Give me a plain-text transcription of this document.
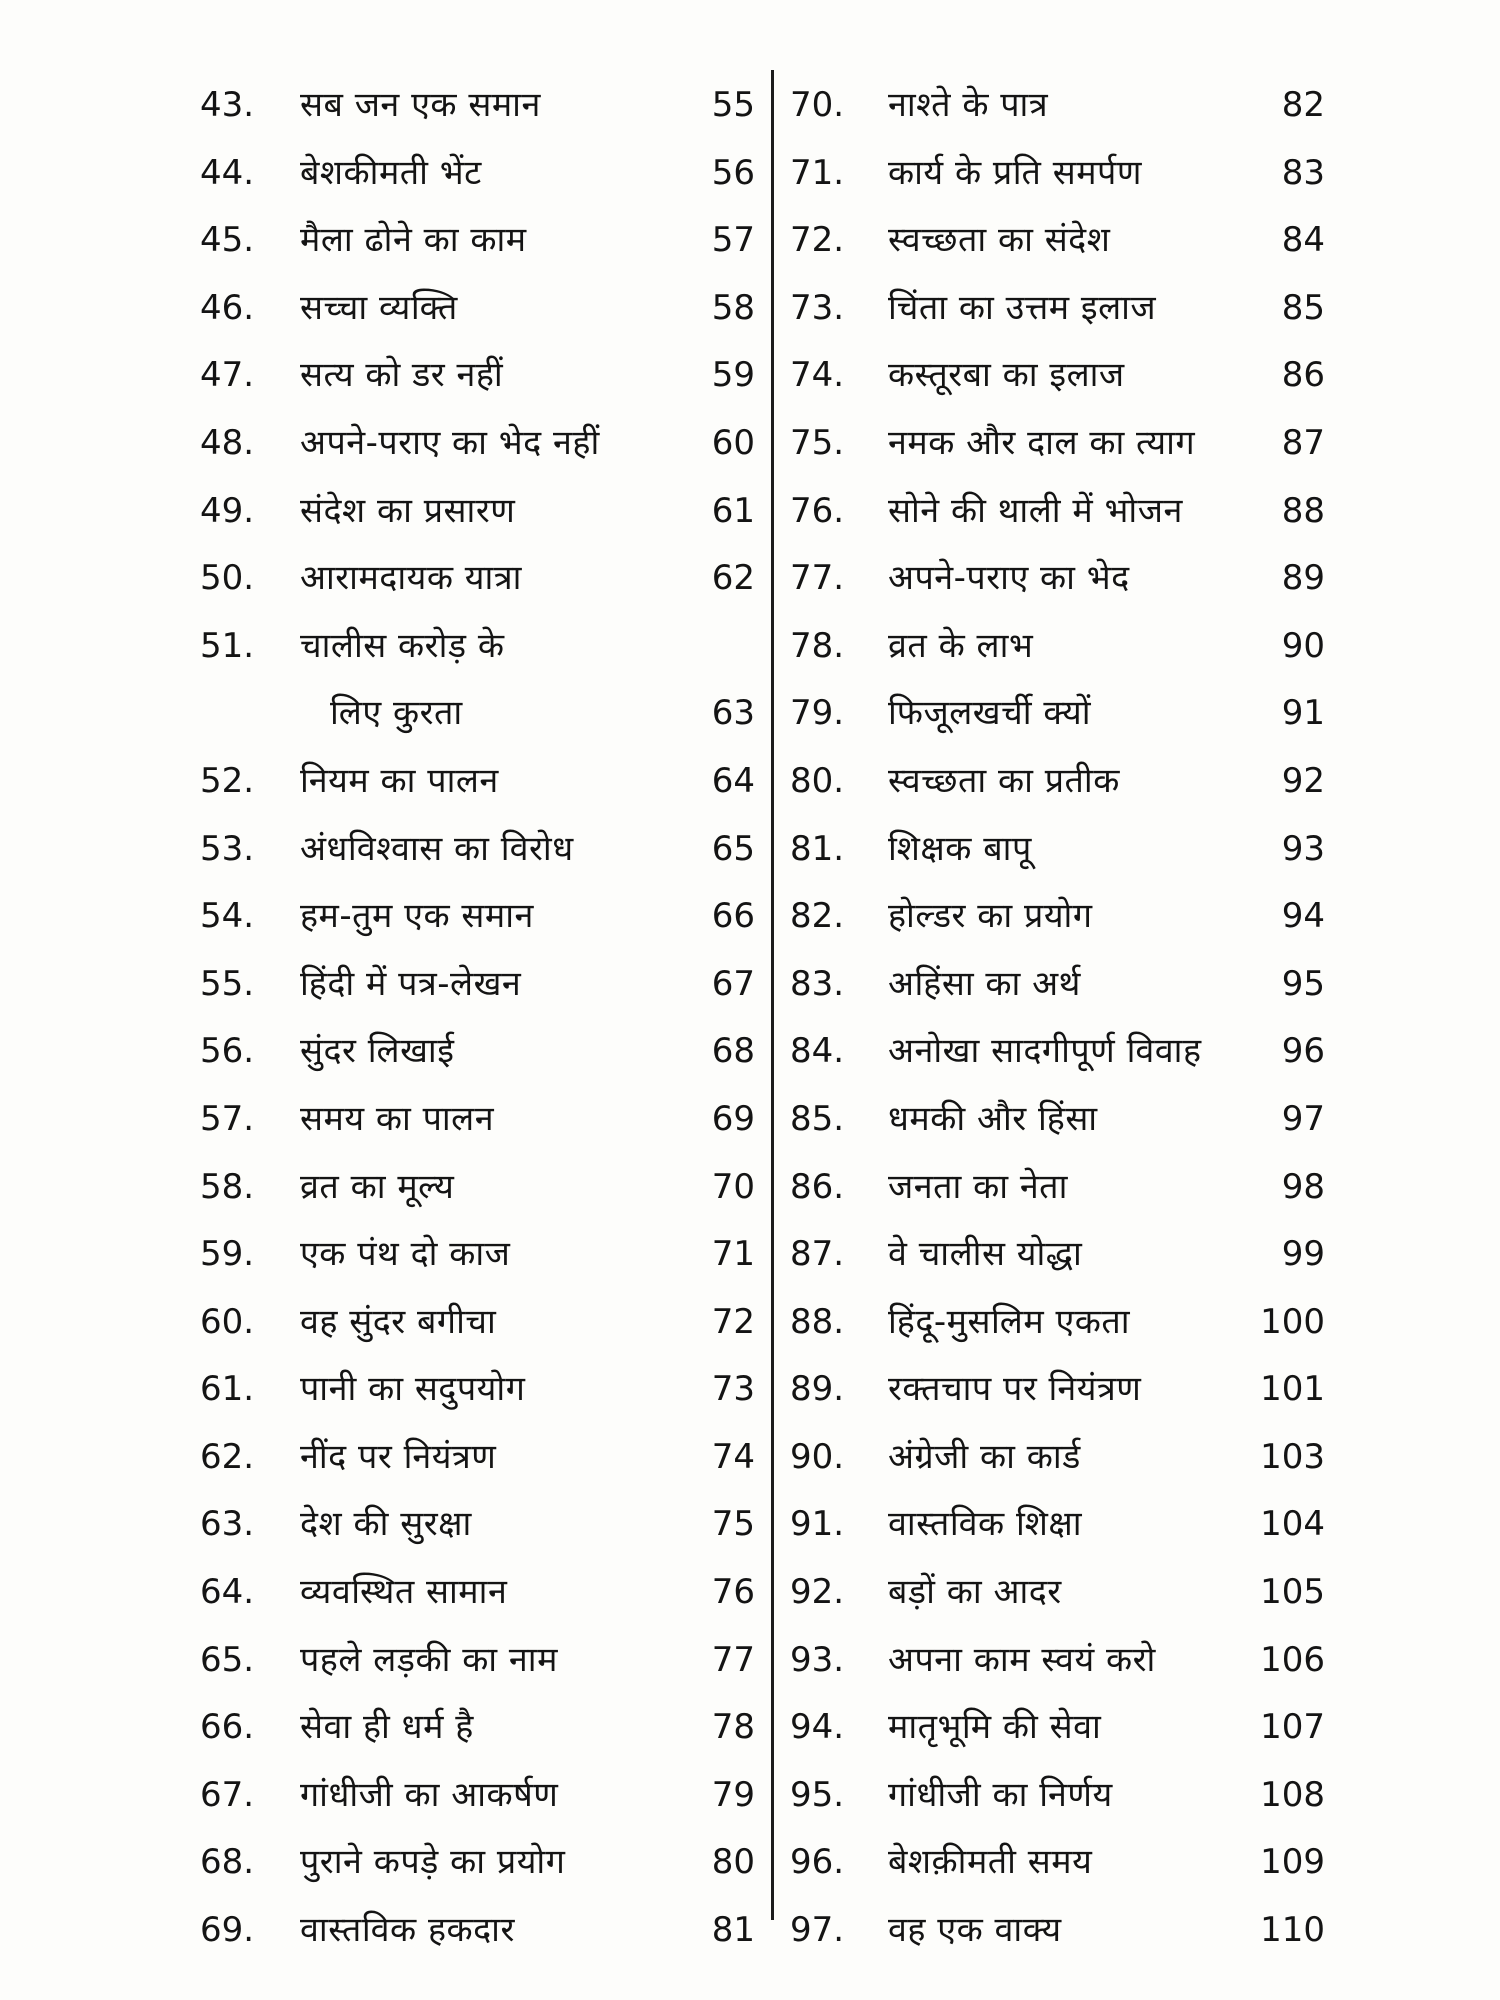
43.	सब जन एक समान	55
44.	बेशकीमती भेंट	56
45.	मैला ढोने का काम	57
46.	सच्चा व्यक्ति	58
47.	सत्य को डर नहीं	59
48.	अपने-पराए का भेद नहीं	60
49.	संदेश का प्रसारण	61
50.	आरामदायक यात्रा	62
51.	चालीस करोड़ के
लिए कुरता	63
52.	नियम का पालन	64
53.	अंधविश्वास का विरोध	65
54.	हम-तुम एक समान	66
55.	हिंदी में पत्र-लेखन	67
56.	सुंदर लिखाई	68
57.	समय का पालन	69
58.	व्रत का मूल्य	70
59.	एक पंथ दो काज	71
60.	वह सुंदर बगीचा	72
61.	पानी का सदुपयोग	73
62.	नींद पर नियंत्रण	74
63.	देश की सुरक्षा	75
64.	व्यवस्थित सामान	76
65.	पहले लड़की का नाम	77
66.	सेवा ही धर्म है	78
67.	गांधीजी का आकर्षण	79
68.	पुराने कपड़े का प्रयोग	80
69.	वास्तविक हकदार	81
70.	नाश्ते के पात्र	82
71.	कार्य के प्रति समर्पण	83
72.	स्वच्छता का संदेश	84
73.	चिंता का उत्तम इलाज	85
74.	कस्तूरबा का इलाज	86
75.	नमक और दाल का त्याग	87
76.	सोने की थाली में भोजन	88
77.	अपने-पराए का भेद	89
78.	व्रत के लाभ	90
79.	फिजूलखर्ची क्यों	91
80.	स्वच्छता का प्रतीक	92
81.	शिक्षक बापू	93
82.	होल्डर का प्रयोग	94
83.	अहिंसा का अर्थ	95
84.	अनोखा सादगीपूर्ण विवाह 96
85.	धमकी और हिंसा	97
86.	जनता का नेता	98
87.	वे चालीस योद्धा	99
88.	हिंदू-मुसलिम एकता	100
89.	रक्तचाप पर नियंत्रण	101
90.	अंग्रेजी का कार्ड	103
91.	वास्तविक शिक्षा	104
92.	बड़ों का आदर	105
93.	अपना काम स्वयं करो	106
94.	मातृभूमि की सेवा	107
95.	गांधीजी का निर्णय	108
96.	बेशक़ीमती समय	109
97.	वह एक वाक्य	110
